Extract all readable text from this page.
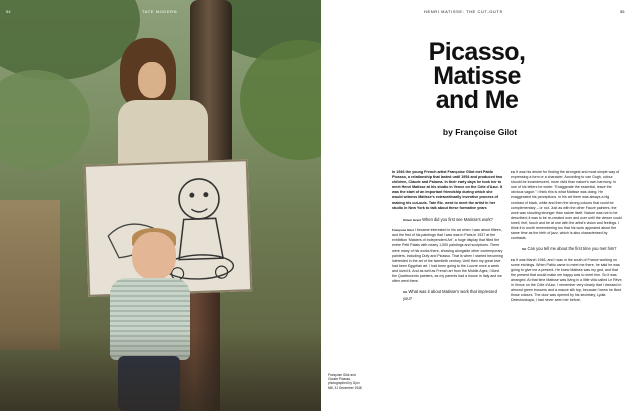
54	TATE MODERN
Françoise Gilot and Claude Picasso, photographed by Gjon Mili, 31 December 1948
HENRI MATISSE: THE CUT-OUTS	55
Picasso,
Matisse
and Me
by Françoise Gilot

In 1946 the young French artist Françoise Gilot met Pablo Picasso, a relationship that lasted until 1954 and produced two children, Claude and Paloma. In their early days he took her to meet Henri Matisse at his studio in Vence on the Côte d'Azur. It was the start of an important friendship during which she would witness Matisse's extraordinarily inventive process of making his cut-outs. Tate Etc. went to meet the artist in her studio in New York to talk about these formative years

Simon Grant When did you first see Matisse's work?

Françoise Gilot I became interested in his art when I was about fifteen, and the first of his paintings that I saw was in Paris in 1937 at the exhibition 'Masters of Independent Art', a huge display that filled the entire Petit Palais with nearly 1,500 paintings and sculptures. There were many of his works there, showing alongside other contemporary painters, including Dufy and Picasso. That is when I started becoming interested in the art of the twentieth century. Until then my great love had been Egyptian art. I had been going to the Louvre once a week and loved it. And as well as French art from the Middle Ages, I liked the Quattrocento painters, as my parents had a house in Italy and we often went there.

SG What was it about Matisse's work that impressed you?

FG It was his desire for finding the strongest and most simple way of expressing a form or a character. According to van Gogh, colour should be incandescent, more vivid than nature's own harmony. In one of his letters he wrote: "Exaggerate the essential, leave the obvious vague." I think this is what Matisse was doing. He exaggerated his perceptions. In his art there was always a big contrast of black, white and then the strong colours that could be complementary – or not. Just as with the other Fauve painters, the work was shouting stronger than nature itself. Nature was not to be described; it was to be re-created over and over until the viewer could smell, feel, touch and be at one with the artist's vision and feelings. I think it is worth remembering too that his work appeared about the same time as the birth of jazz, which is also characterised by contrasts.

SG Can you tell me about the first time you met him?

FG It was March 1946, and I was in the south of France working on some etchings. When Pablo came to meet me there, he said he was going to give me a present. He knew Matisse was my god, and that the present that would make me happy was to meet him. So it was arranged. At that time Matisse was living in a little villa called Le Rêve, in Vence on the Côte d'Azur. I remember very clearly that I dressed in almond green trousers and a mauve silk top, because I knew he liked those colours. The door was opened by his secretary, Lydia Delectorskaya; I had never seen her before,
